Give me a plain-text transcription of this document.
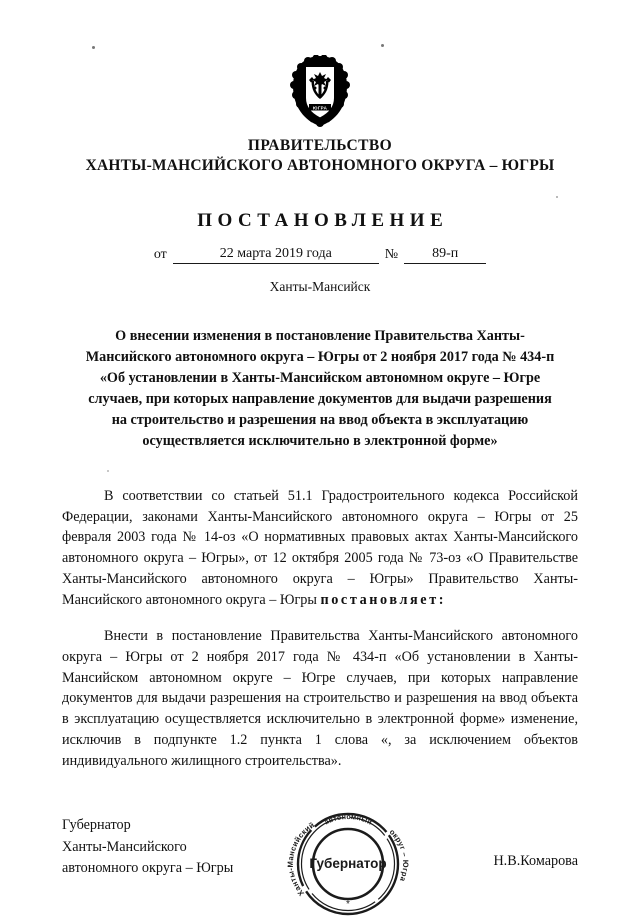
ЮГРА
ПРАВИТЕЛЬСТВО
ХАНТЫ-МАНСИЙСКОГО АВТОНОМНОГО ОКРУГА – ЮГРЫ
ПОСТАНОВЛЕНИЕ
от	22 марта 2019 года	№	89-п
Ханты-Мансийск
О внесении изменения в постановление Правительства Ханты-Мансийского автономного округа – Югры от 2 ноября 2017 года № 434-п «Об установлении в Ханты-Мансийском автономном округе – Югре случаев, при которых направление документов для выдачи разрешения на строительство и разрешения на ввод объекта в эксплуатацию осуществляется исключительно в электронной форме»

В соответствии со статьей 51.1 Градостроительного кодекса Российской Федерации, законами Ханты-Мансийского автономного округа – Югры от 25 февраля 2003 года № 14-оз «О нормативных правовых актах Ханты-Мансийского автономного округа – Югры», от 12 октября 2005 года № 73-оз «О Правительстве Ханты-Мансийского автономного округа – Югры» Правительство Ханты-Мансийского автономного округа – Югры постановляет:

Внести в постановление Правительства Ханты-Мансийского автономного округа – Югры от 2 ноября 2017 года № 434-п «Об установлении в Ханты-Мансийском автономном округе – Югре случаев, при которых направление документов для выдачи разрешения на строительство и разрешения на ввод объекта в эксплуатацию осуществляется исключительно в электронной форме» изменение, исключив в подпункте 1.2 пункта 1 слова «, за исключением объектов индивидуального жилищного строительства».

Губернатор
Ханты-Мансийского
автономного округа – Югры
Ханты-Мансийский
округ – Югра
автономный
Губернатор
*
Н.В.Комарова
